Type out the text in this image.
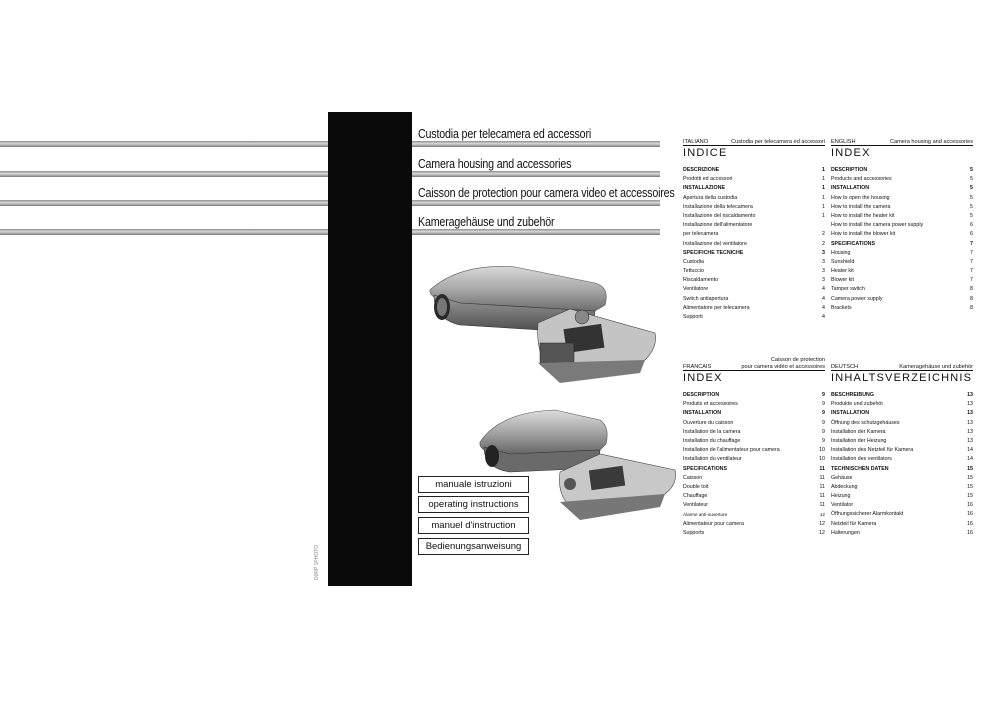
Custodia per telecamera ed accessori
Camera housing and accessories
Caisson de protection pour camera video et accessoires
Kameragehäuse und zubehör
manuale istruzioni
operating instructions
manuel d'instruction
Bedienungsanweisung
D0RP 1PHOTO
ITALIANO	Custodia per telecamera ed accessori
INDICE
DESCRIZIONE	1
Prodotti ed accessori	1
INSTALLAZIONE	1
Apertura della custodia	1
Installazione della telecamera	1
Installazione del riscaldamento	1
Installazione dell'alimentatore
per telecamera	2
Installazione del ventilatore	2
SPECIFICHE TECNICHE	3
Custodia	3
Tettuccio	3
Riscaldamento	3
Ventilatore	4
Switch antiapertura	4
Alimentatore per telecamera	4
Supporti	4
ENGLISH	Camera housing and accessories
INDEX
DESCRIPTION	5
Products and accessories	5
INSTALLATION	5
How to open the housing	5
How to install the camera	5
How to install the heater kit	5
How to install the camera power supply	6
How to install the blower kit	6
SPECIFICATIONS	7
Housing	7
Sunshield	7
Heater kit	7
Blower kit	7
Tamper switch	8
Camera power supply	8
Brackets	8
FRANCAIS
Caisson de protection
pour camera vidéo et accessoires
INDEX
DESCRIPTION	9
Produits et accessoires	9
INSTALLATION	9
Ouverture du caisson	9
Installation de la camera	9
Installation du chauffage	9
Installation de l'alimentateur pour camera	10
Installation du ventilateur	10
SPECIFICATIONS	11
Caisson	11
Double toit	11
Chauffage	11
Ventilateur	11
Alarme anti-ouverture	12
Alimentateur pour camera	12
Supports	12
DEUTSCH	Kameragehäuse und zubehör
INHALTSVERZEICHNIS
BESCHREIBUNG	13
Produkte und zubehör	13
INSTALLATION	13
Öffnung des schutzgehäuses	13
Installation der Kamera	13
Installation der Heizung	13
Installation des Netzteil für Kamera	14
Installation des ventilators	14
TECHNISCHEN DATEN	15
Gehäuse	15
Abdeckung	15
Heizung	15
Ventilator	16
Öffnungssicherer Alarmkontakt	16
Netzteil für Kamera	16
Halterungen	16
